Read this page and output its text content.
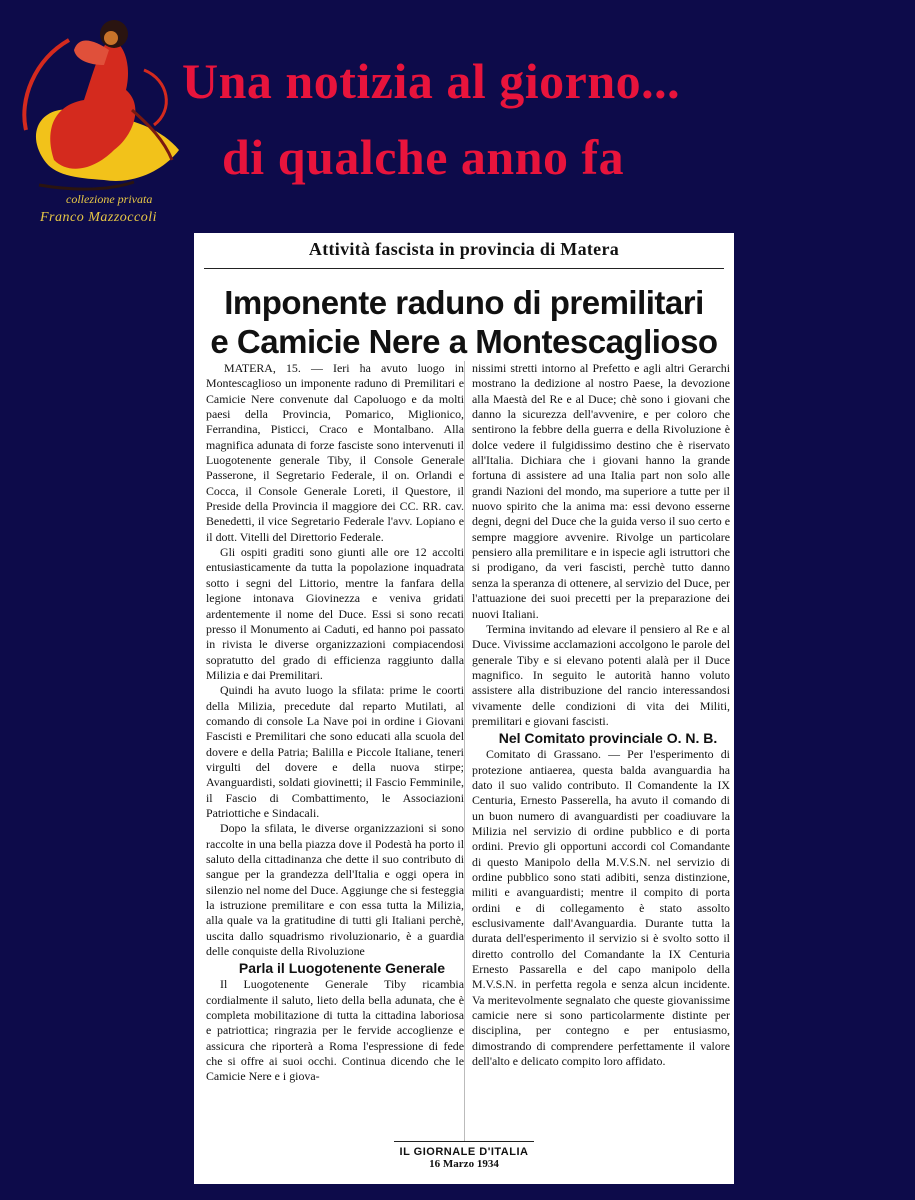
collezione privata
Franco Mazzoccoli
Una notizia al giorno...
di qualche anno fa
Attività fascista in provincia di Matera
Imponente raduno di premilitari
e Camicie Nere a Montescaglioso

MATERA, 15. — Ieri ha avuto luogo in Montescaglioso un imponente raduno di Premilitari e Camicie Nere convenute dal Capoluogo e da molti paesi della Provincia, Pomarico, Miglionico, Ferrandina, Pisticci, Craco e Montalbano. Alla magnifica adunata di forze fasciste sono intervenuti il Luogotenente generale Tiby, il Console Generale Passerone, il Segretario Federale, il on. Orlandi e Cocca, il Console Generale Loreti, il Questore, il Preside della Provincia il maggiore dei CC. RR. cav. Benedetti, il vice Segretario Federale l'avv. Lopiano e il dott. Vitelli del Direttorio Federale.

Gli ospiti graditi sono giunti alle ore 12 accolti entusiasticamente da tutta la popolazione inquadrata sotto i segni del Littorio, mentre la fanfara della legione intonava Giovinezza e veniva gridati ardentemente il nome del Duce. Essi si sono recati presso il Monumento ai Caduti, ed hanno poi passato in rivista le diverse organizzazioni compiacendosi sopratutto del grado di efficienza raggiunto dalla Milizia e dai Premilitari.

Quindi ha avuto luogo la sfilata: prime le coorti della Milizia, precedute dal reparto Mutilati, al comando di console La Nave poi in ordine i Giovani Fascisti e Premilitari che sono educati alla scuola del dovere e della Patria; Balilla e Piccole Italiane, teneri virgulti del dovere e della nuova stirpe; Avanguardisti, soldati giovinetti; il Fascio Femminile, il Fascio di Combattimento, le Associazioni Patriottiche e Sindacali.

Dopo la sfilata, le diverse organizzazioni si sono raccolte in una bella piazza dove il Podestà ha porto il saluto della cittadinanza che dette il suo contributo di sangue per la grandezza dell'Italia e oggi opera in silenzio nel nome del Duce. Aggiunge che si festeggia la istruzione premilitare e con essa tutta la Milizia, alla quale va la gratitudine di tutti gli Italiani perchè, uscita dallo squadrismo rivoluzionario, è a guardia delle conquiste della Rivoluzione

Parla il Luogotenente Generale

Il Luogotenente Generale Tiby ricambia cordialmente il saluto, lieto della bella adunata, che è completa mobilitazione di tutta la cittadina laboriosa e patriottica; ringrazia per le fervide accoglienze e assicura che riporterà a Roma l'espressione di fede che si offre ai suoi occhi. Continua dicendo che le Camicie Nere e i giova-

nissimi stretti intorno al Prefetto e agli altri Gerarchi mostrano la dedizione al nostro Paese, la devozione alla Maestà del Re e al Duce; chè sono i giovani che danno la sicurezza dell'avvenire, e per coloro che sentirono la febbre della guerra e della Rivoluzione è dolce vedere il fulgidissimo destino che è riservato all'Italia. Dichiara che i giovani hanno la grande fortuna di assistere ad una Italia part non solo alle grandi Nazioni del mondo, ma superiore a tutte per il nuovo spirito che la anima ma: essi devono esserne degni, degni del Duce che la guida verso il suo certo e sempre maggiore avvenire. Rivolge un particolare pensiero alla premilitare e in ispecie agli istruttori che si prodigano, da veri fascisti, perchè tutto danno senza la speranza di ottenere, al servizio del Duce, per l'attuazione dei suoi precetti per la preparazione dei nuovi Italiani.

Termina invitando ad elevare il pensiero al Re e al Duce. Vivissime acclamazioni accolgono le parole del generale Tiby e si elevano potenti alalà per il Duce magnifico. In seguito le autorità hanno voluto assistere alla distribuzione del rancio interessandosi vivamente delle condizioni di vita dei Militi, premilitari e giovani fascisti.

Nel Comitato provinciale O. N. B.

Comitato di Grassano. — Per l'esperimento di protezione antiaerea, questa balda avanguardia ha dato il suo valido contributo. Il Comandente la IX Centuria, Ernesto Passerella, ha avuto il comando di un buon numero di avanguardisti per coadiuvare la Milizia nel servizio di ordine pubblico e di porta ordini. Previo gli opportuni accordi col Comandante di questo Manipolo della M.V.S.N. nel servizio di ordine pubblico sono stati adibiti, senza distinzione, militi e avanguardisti; mentre il compito di porta ordini e di collegamento è stato assolto esclusivamente dall'Avanguardia. Durante tutta la durata dell'esperimento il servizio si è svolto sotto il diretto controllo del Comandante la IX Centuria Ernesto Passarella e del capo manipolo della M.V.S.N. in perfetta regola e senza alcun incidente. Va meritevolmente segnalato che queste giovanissime camicie nere si sono particolarmente distinte per disciplina, per contegno e per entusiasmo, dimostrando di comprendere perfettamente il valore dell'alto e delicato compito loro affidato.

IL GIORNALE D'ITALIA
16 Marzo 1934
